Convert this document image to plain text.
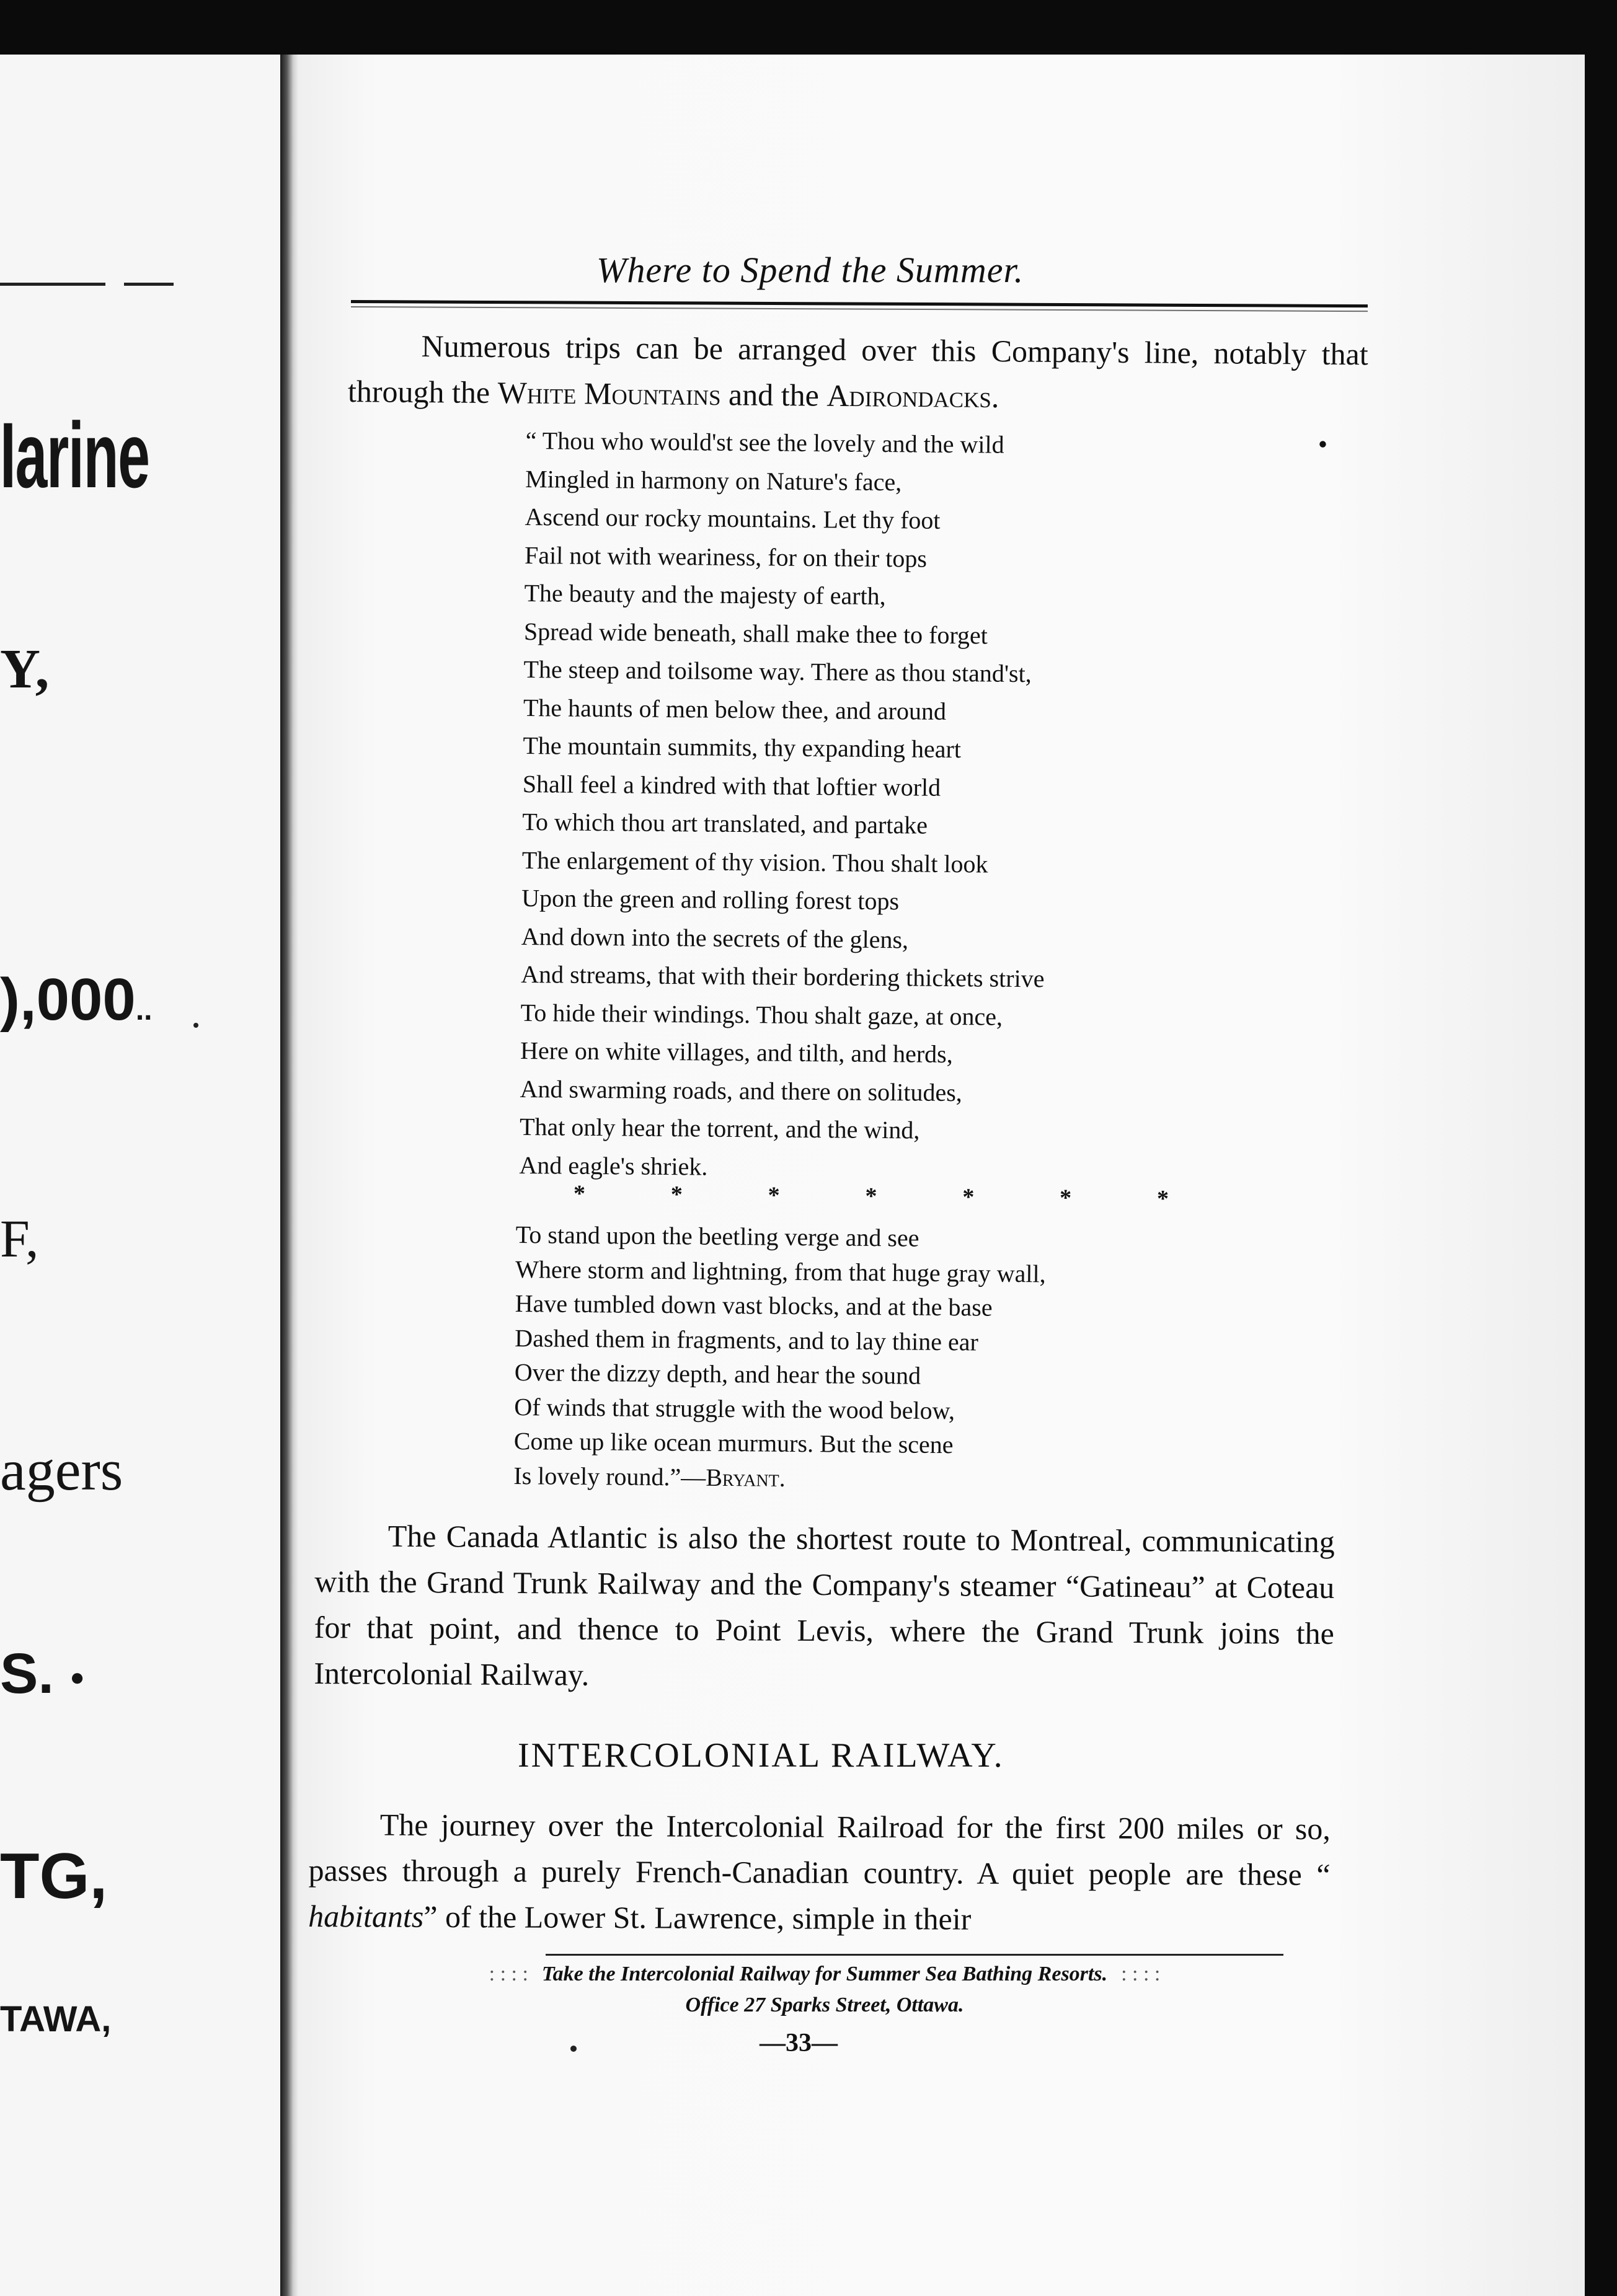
Iarine
Y,
),000..
F,
agers
S. ●
TG,
TAWA,
Where to Spend the Summer.

Numerous trips can be arranged over this Company's line, notably that through the White Mountains and the Adirondacks.

•
“ Thou who would'st see the lovely and the wild
Mingled in harmony on Nature's face,
Ascend our rocky mountains. Let thy foot
Fail not with weariness, for on their tops
The beauty and the majesty of earth,
Spread wide beneath, shall make thee to forget
The steep and toilsome way. There as thou stand'st,
The haunts of men below thee, and around
The mountain summits, thy expanding heart
Shall feel a kindred with that loftier world
To which thou art translated, and partake
The enlargement of thy vision. Thou shalt look
Upon the green and rolling forest tops
And down into the secrets of the glens,
And streams, that with their bordering thickets strive
To hide their windings. Thou shalt gaze, at once,
Here on white villages, and tilth, and herds,
And swarming roads, and there on solitudes,
That only hear the torrent, and the wind,
And eagle's shriek.
*	*	*	*	*	*	*
To stand upon the beetling verge and see
Where storm and lightning, from that huge gray wall,
Have tumbled down vast blocks, and at the base
Dashed them in fragments, and to lay thine ear
Over the dizzy depth, and hear the sound
Of winds that struggle with the wood below,
Come up like ocean murmurs. But the scene
Is lovely round.”—Bryant.

The Canada Atlantic is also the shortest route to Montreal, communicating with the Grand Trunk Railway and the Company's steamer “Gatineau” at Coteau for that point, and thence to Point Levis, where the Grand Trunk joins the Intercolonial Railway.

INTERCOLONIAL RAILWAY.

The journey over the Intercolonial Railroad for the first 200 miles or so, passes through a purely French-Canadian country. A quiet people are these “ habitants” of the Lower St. Lawrence, simple in their

: : : : Take the Intercolonial Railway for Summer Sea Bathing Resorts. : : : :
Office 27 Sparks Street, Ottawa.
—33—
